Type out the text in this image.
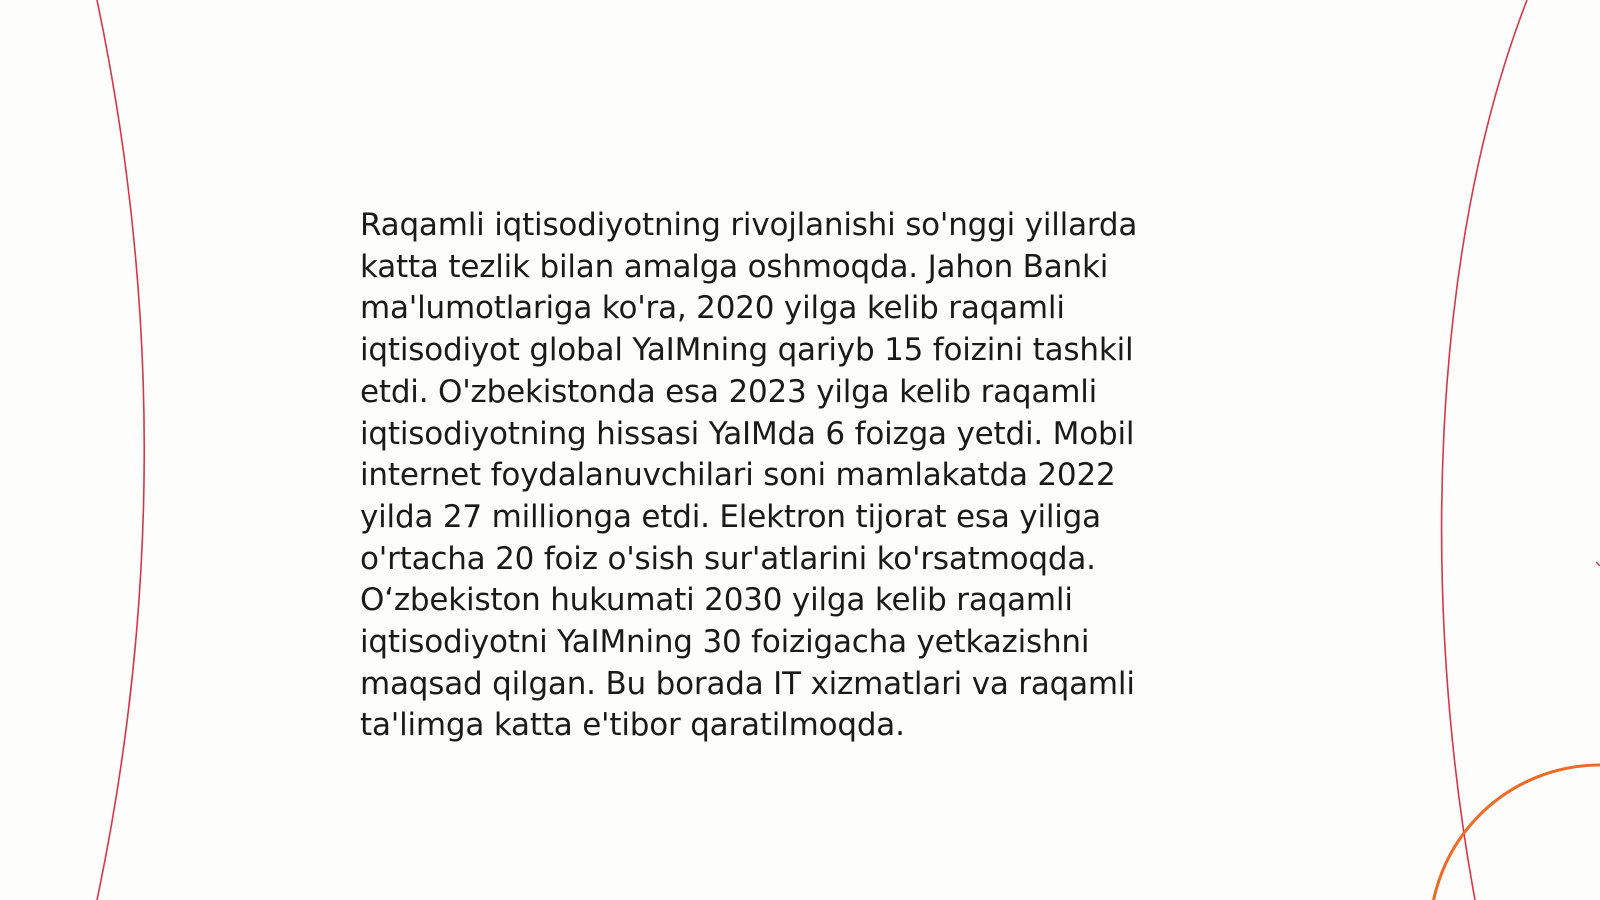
Raqamli iqtisodiyotning rivojlanishi so'nggi yillarda
katta tezlik bilan amalga oshmoqda. Jahon Banki
ma'lumotlariga ko'ra, 2020 yilga kelib raqamli
iqtisodiyot global YaIMning qariyb 15 foizini tashkil
etdi. O'zbekistonda esa 2023 yilga kelib raqamli
iqtisodiyotning hissasi YaIMda 6 foizga yetdi. Mobil
internet foydalanuvchilari soni mamlakatda 2022
yilda 27 millionga etdi. Elektron tijorat esa yiliga
o'rtacha 20 foiz o'sish sur'atlarini ko'rsatmoqda.
O‘zbekiston hukumati 2030 yilga kelib raqamli
iqtisodiyotni YaIMning 30 foizigacha yetkazishni
maqsad qilgan. Bu borada IT xizmatlari va raqamli
ta'limga katta e'tibor qaratilmoqda.
